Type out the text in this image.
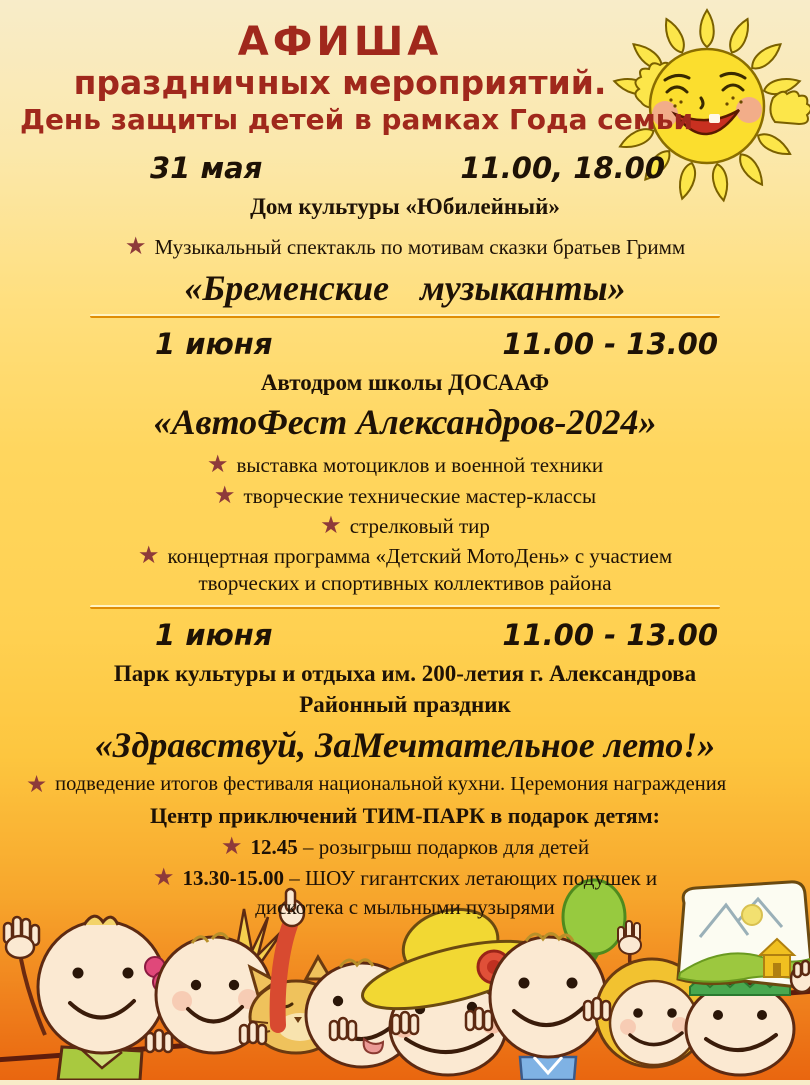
АФИША
праздничных мероприятий.
День защиты детей в рамках Года семьи
31 мая	11.00, 18.00
Дом культуры «Юбилейный»
★ Музыкальный спектакль по мотивам сказки братьев Гримм
«Бременские музыканты»
1 июня	11.00 - 13.00
Автодром школы ДОСААФ
«АвтоФест Александров-2024»
★ выставка мотоциклов и военной техники
★ творческие технические мастер-классы
★ стрелковый тир
★ концертная программа «Детский МотоДень» с участием
творческих и спортивных коллективов района
1 июня	11.00 - 13.00
Парк культуры и отдыха им. 200-летия г. Александрова
Районный праздник
«Здравствуй, ЗаМечтательное лето!»
★ подведение итогов фестиваля национальной кухни. Церемония награждения
Центр приключений ТИМ-ПАРК в подарок детям:
★ 12.45 – розыгрыш подарков для детей
★ 13.30-15.00 – ШОУ гигантских летающих подушек и
дискотека с мыльными пузырями
